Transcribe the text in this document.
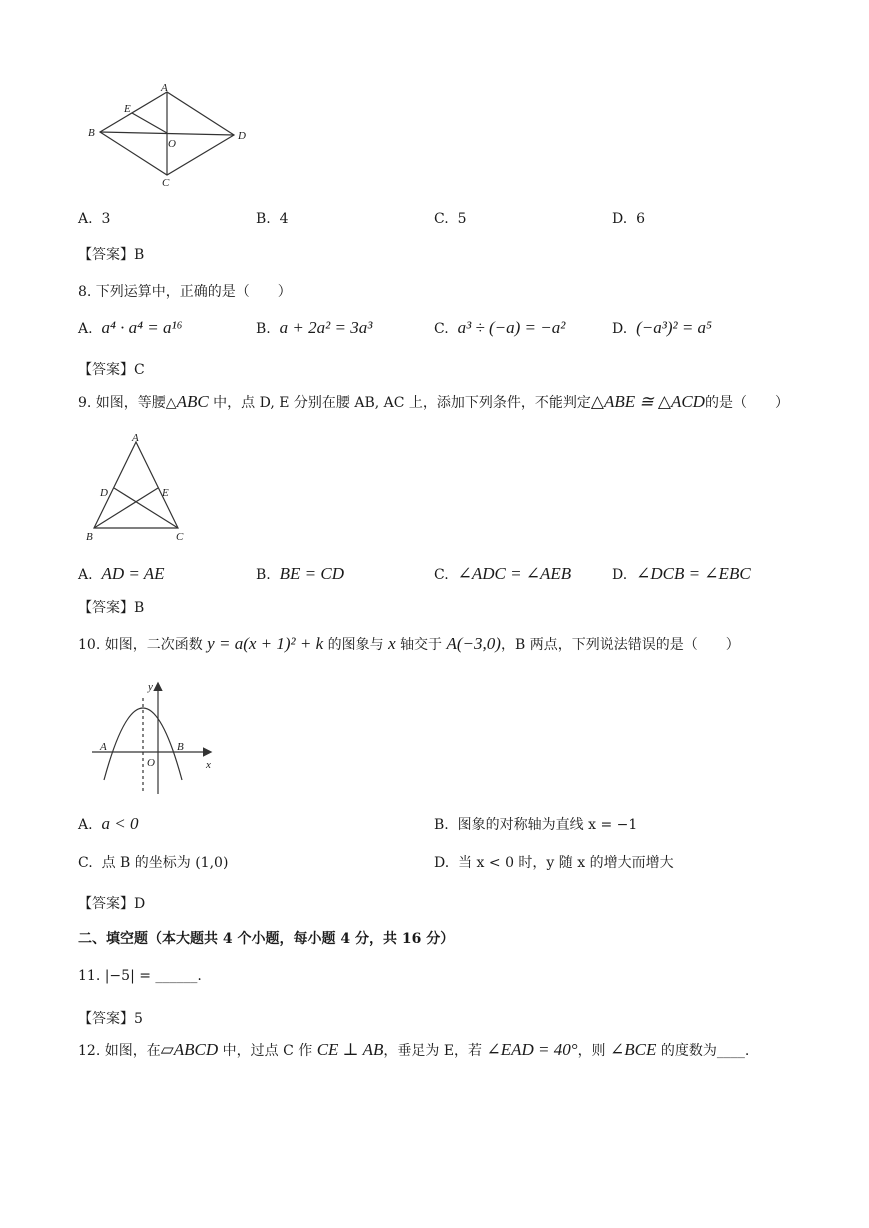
A
B
C
D
E
O
A. 3	B. 4	C. 5	D. 6
【答案】B
8. 下列运算中，正确的是（　　）
A. a⁴ · a⁴ = a¹⁶	B. a + 2a² = 3a³	C. a³ ÷ (−a) = −a²	D. (−a³)² = a⁵
【答案】C
9. 如图，等腰△ABC 中，点 D, E 分别在腰 AB, AC 上，添加下列条件，不能判定△ABE ≅ △ACD的是（　　）
A
B	C
D	E
A. AD = AE	B. BE = CD	C. ∠ADC = ∠AEB	D. ∠DCB = ∠EBC
【答案】B
10. 如图，二次函数 y = a(x + 1)² + k 的图象与 x 轴交于 A(−3,0)，B 两点，下列说法错误的是（　　）
y
x
A	B
O
A. a < 0	B. 图象的对称轴为直线 x = −1
C. 点 B 的坐标为 (1,0)	D. 当 x < 0 时，y 随 x 的增大而增大
【答案】D
二、填空题（本大题共 4 个小题，每小题 4 分，共 16 分）
11. |−5| = ______.
【答案】5
12. 如图，在▱ABCD 中，过点 C 作 CE ⊥ AB，垂足为 E，若 ∠EAD = 40°，则 ∠BCE 的度数为____.
